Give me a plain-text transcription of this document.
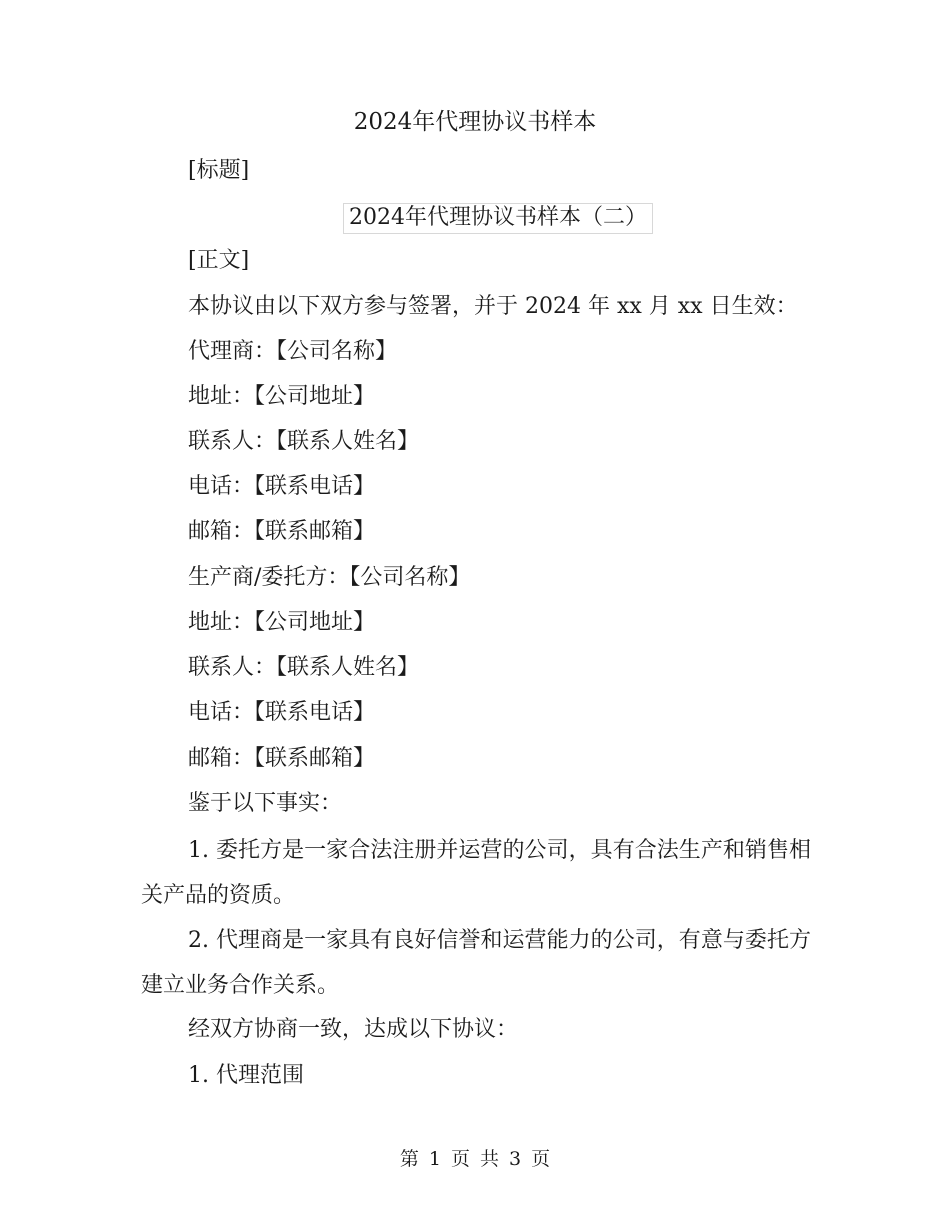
2024年代理协议书样本

[标题]

2024年代理协议书样本（二）

[正文]

本协议由以下双方参与签署，并于 2024 年 xx 月 xx 日生效：

代理商：【公司名称】

地址：【公司地址】

联系人：【联系人姓名】

电话：【联系电话】

邮箱：【联系邮箱】

生产商/委托方：【公司名称】

地址：【公司地址】

联系人：【联系人姓名】

电话：【联系电话】

邮箱：【联系邮箱】

鉴于以下事实：

1. 委托方是一家合法注册并运营的公司，具有合法生产和销售相关产品的资质。

2. 代理商是一家具有良好信誉和运营能力的公司，有意与委托方建立业务合作关系。

经双方协商一致，达成以下协议：

1. 代理范围

第 1 页 共 3 页
